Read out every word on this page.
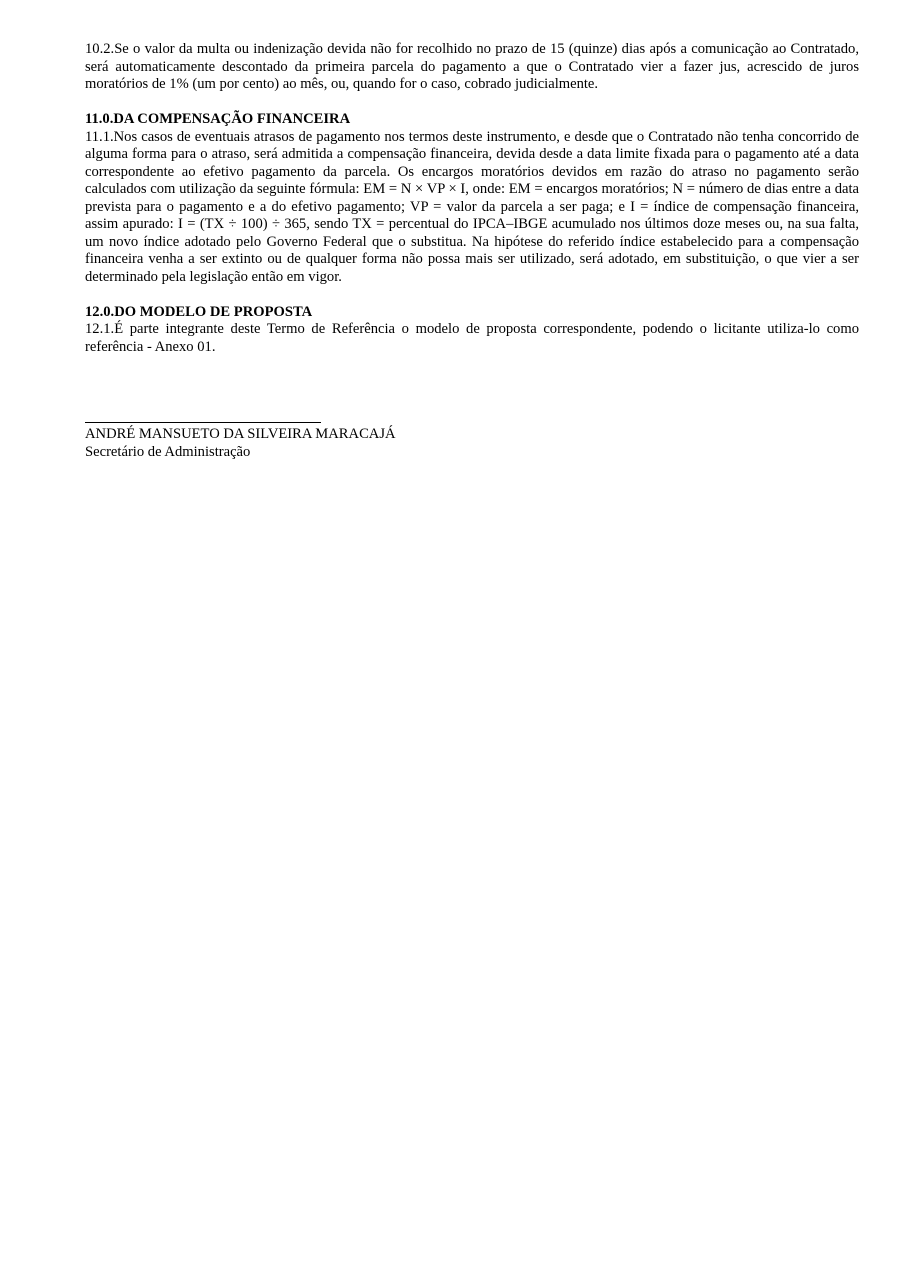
10.2.Se o valor da multa ou indenização devida não for recolhido no prazo de 15 (quinze) dias após a comunicação ao Contratado, será automaticamente descontado da primeira parcela do pagamento a que o Contratado vier a fazer jus, acrescido de juros moratórios de 1% (um por cento) ao mês, ou, quando for o caso, cobrado judicialmente.

11.0.DA COMPENSAÇÃO FINANCEIRA

11.1.Nos casos de eventuais atrasos de pagamento nos termos deste instrumento, e desde que o Contratado não tenha concorrido de alguma forma para o atraso, será admitida a compensação financeira, devida desde a data limite fixada para o pagamento até a data correspondente ao efetivo pagamento da parcela. Os encargos moratórios devidos em razão do atraso no pagamento serão calculados com utilização da seguinte fórmula: EM = N × VP × I, onde: EM = encargos moratórios; N = número de dias entre a data prevista para o pagamento e a do efetivo pagamento; VP = valor da parcela a ser paga; e I = índice de compensação financeira, assim apurado: I = (TX ÷ 100) ÷ 365, sendo TX = percentual do IPCA–IBGE acumulado nos últimos doze meses ou, na sua falta, um novo índice adotado pelo Governo Federal que o substitua. Na hipótese do referido índice estabelecido para a compensação financeira venha a ser extinto ou de qualquer forma não possa mais ser utilizado, será adotado, em substituição, o que vier a ser determinado pela legislação então em vigor.

12.0.DO MODELO DE PROPOSTA

12.1.É parte integrante deste Termo de Referência o modelo de proposta correspondente, podendo o licitante utiliza-lo como referência - Anexo 01.

ANDRÉ MANSUETO DA SILVEIRA MARACAJÁ
Secretário de Administração
